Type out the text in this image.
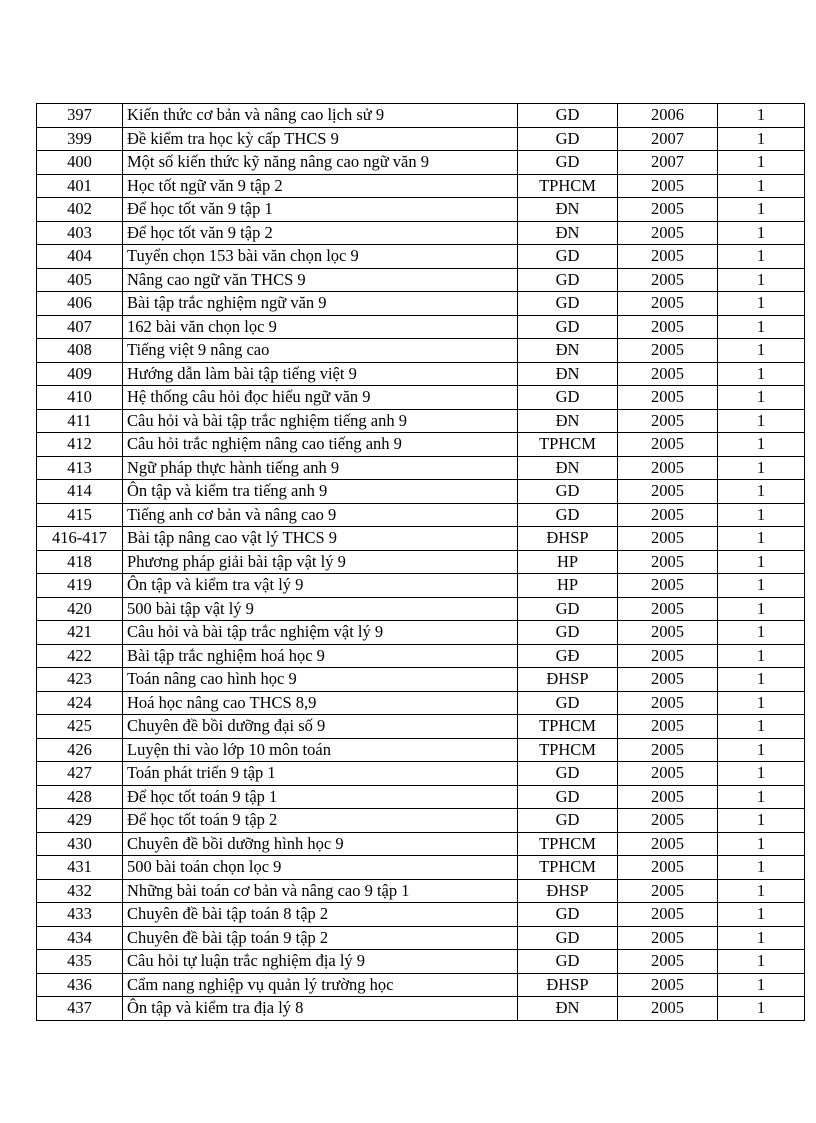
397	Kiến thức cơ bản và nâng cao lịch sử 9	GD	2006	1
399	Đề kiểm tra học kỳ cấp THCS 9	GD	2007	1
400	Một số kiến thức kỹ năng nâng cao ngữ văn 9	GD	2007	1
401	Học tốt ngữ văn 9 tập 2	TPHCM	2005	1
402	Để học tốt văn 9 tập 1	ĐN	2005	1
403	Để học tốt văn 9 tập 2	ĐN	2005	1
404	Tuyển chọn 153 bài văn chọn lọc 9	GD	2005	1
405	Nâng cao ngữ văn THCS 9	GD	2005	1
406	Bài tập trắc nghiệm ngữ văn 9	GD	2005	1
407	162 bài văn chọn lọc 9	GD	2005	1
408	Tiếng việt 9 nâng cao	ĐN	2005	1
409	Hướng dẫn làm bài tập tiếng việt 9	ĐN	2005	1
410	Hệ thống câu hỏi đọc hiểu ngữ văn 9	GD	2005	1
411	Câu hỏi và bài tập trắc nghiệm tiếng anh 9	ĐN	2005	1
412	Câu hỏi trắc nghiệm nâng cao tiếng anh 9	TPHCM	2005	1
413	Ngữ pháp thực hành tiếng anh 9	ĐN	2005	1
414	Ôn tập và kiểm tra tiếng anh 9	GD	2005	1
415	Tiếng anh cơ bản và nâng cao 9	GD	2005	1
416-417	Bài tập nâng cao vật lý THCS 9	ĐHSP	2005	1
418	Phương pháp giải bài tập vật lý 9	HP	2005	1
419	Ôn tập và kiểm tra vật lý 9	HP	2005	1
420	500 bài tập vật lý 9	GD	2005	1
421	Câu hỏi và bài tập trắc nghiệm vật lý 9	GD	2005	1
422	Bài tập trắc nghiệm hoá học 9	GĐ	2005	1
423	Toán nâng cao hình học 9	ĐHSP	2005	1
424	Hoá học nâng cao THCS 8,9	GD	2005	1
425	Chuyên đề bồi dưỡng đại số 9	TPHCM	2005	1
426	Luyện thi vào lớp 10 môn toán	TPHCM	2005	1
427	Toán phát triển 9 tập 1	GD	2005	1
428	Để học tốt toán 9 tập 1	GD	2005	1
429	Để học tốt toán 9 tập 2	GD	2005	1
430	Chuyên đề bồi dưỡng hình học 9	TPHCM	2005	1
431	500 bài toán chọn lọc 9	TPHCM	2005	1
432	Những bài toán cơ bản và nâng cao 9 tập 1	ĐHSP	2005	1
433	Chuyên đề bài tập toán 8 tập 2	GD	2005	1
434	Chuyên đề bài tập toán 9 tập 2	GD	2005	1
435	Câu hỏi tự luận trắc nghiệm địa lý 9	GD	2005	1
436	Cẩm nang nghiệp vụ quản lý trường học	ĐHSP	2005	1
437	Ôn tập và kiểm tra địa lý 8	ĐN	2005	1
